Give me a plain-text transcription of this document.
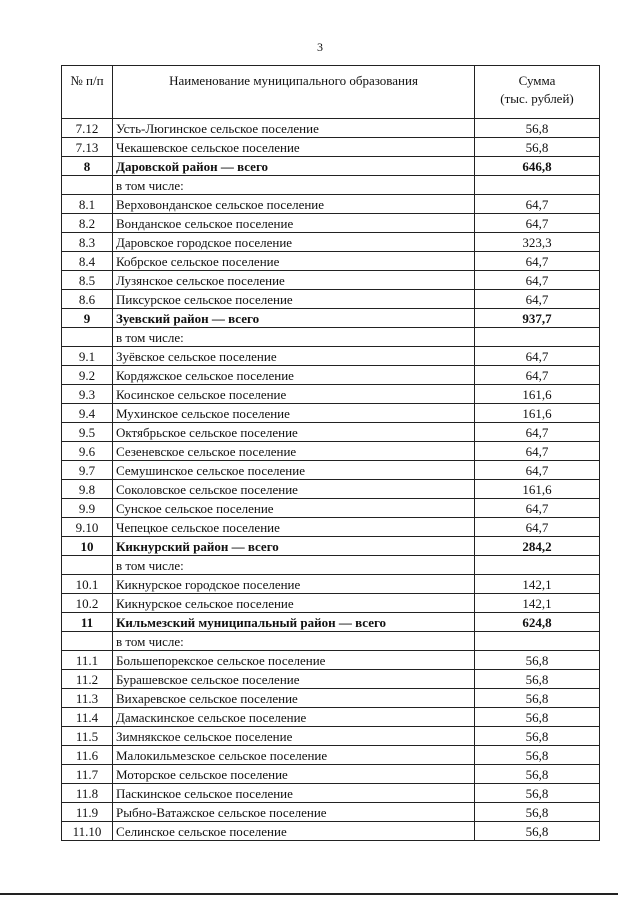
3
№ п/п	Наименование муниципального образования	Сумма
(тыс. рублей)

7.12	Усть-Люгинское сельское поселение	56,8
7.13	Чекашевское сельское поселение	56,8
8	Даровской район — всего	646,8
	в том числе:	
8.1	Верховонданское сельское поселение	64,7
8.2	Вонданское сельское поселение	64,7
8.3	Даровское городское поселение	323,3
8.4	Кобрское сельское поселение	64,7
8.5	Лузянское сельское поселение	64,7
8.6	Пиксурское сельское поселение	64,7
9	Зуевский район — всего	937,7
	в том числе:	
9.1	Зуёвское сельское поселение	64,7
9.2	Кордяжское сельское поселение	64,7
9.3	Косинское сельское поселение	161,6
9.4	Мухинское сельское поселение	161,6
9.5	Октябрьское сельское поселение	64,7
9.6	Сезеневское сельское поселение	64,7
9.7	Семушинское сельское поселение	64,7
9.8	Соколовское сельское поселение	161,6
9.9	Сунское сельское поселение	64,7
9.10	Чепецкое сельское поселение	64,7
10	Кикнурский район — всего	284,2
	в том числе:	
10.1	Кикнурское городское поселение	142,1
10.2	Кикнурское сельское поселение	142,1
11	Кильмезский муниципальный район — всего	624,8
	в том числе:	
11.1	Большепорекское сельское поселение	56,8
11.2	Бурашевское сельское поселение	56,8
11.3	Вихаревское сельское поселение	56,8
11.4	Дамаскинское сельское поселение	56,8
11.5	Зимнякское сельское поселение	56,8
11.6	Малокильмезское сельское поселение	56,8
11.7	Моторское сельское поселение	56,8
11.8	Паскинское сельское поселение	56,8
11.9	Рыбно-Ватажское сельское поселение	56,8
11.10	Селинское сельское поселение	56,8
